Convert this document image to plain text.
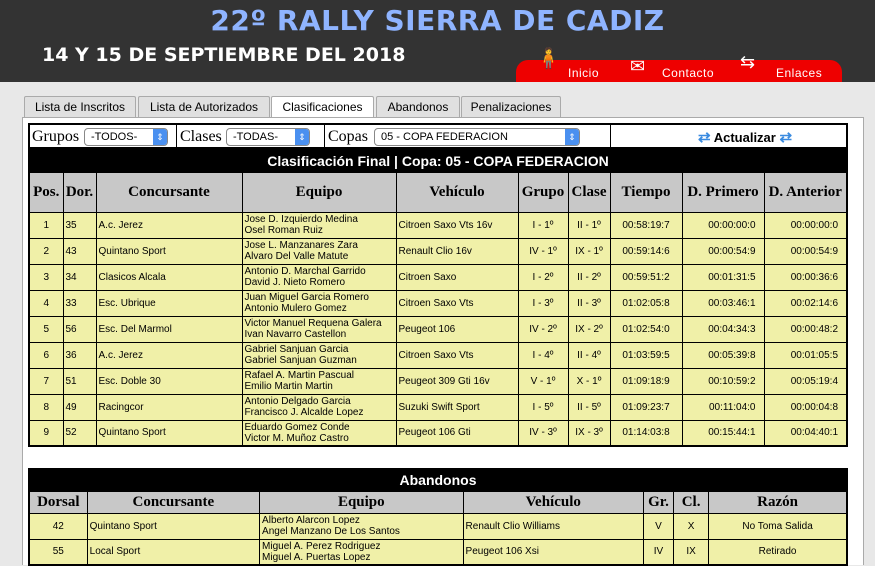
22º RALLY SIERRA DE CADIZ
14 Y 15 DE SEPTIEMBRE DEL 2018	🧍
Inicio ✉ Contacto
⇆
Enlaces
Lista de Inscritos	Lista de Autorizados	Clasificaciones	Abandonos	Penalizaciones
Grupos	-TODOS-	⇕ Clases	-TODAS-	⇕ Copas	05 - COPA FEDERACION	⇕	⇄ Actualizar ⇄
Clasificación Final | Copa: 05 - COPA FEDERACION									
Pos.	Dor.	Concursante	Equipo	Vehículo	Grupo	Clase	Tiempo	D. Primero	D. Anterior
1	35	A.c. Jerez	Jose D. Izquierdo Medina
Osel Roman Ruiz	Citroen Saxo Vts 16v	I - 1º	II - 1º	00:58:19:7	00:00:00:0	00:00:00:0
2	43	Quintano Sport	Jose L. Manzanares Zara
Alvaro Del Valle Matute	Renault Clio 16v	IV - 1º	IX - 1º	00:59:14:6	00:00:54:9	00:00:54:9
3	34	Clasicos Alcala	Antonio D. Marchal Garrido
David J. Nieto Romero	Citroen Saxo	I - 2º	II - 2º	00:59:51:2	00:01:31:5	00:00:36:6
4	33	Esc. Ubrique	Juan Miguel Garcia Romero
Antonio Mulero Gomez	Citroen Saxo Vts	I - 3º	II - 3º	01:02:05:8	00:03:46:1	00:02:14:6
5	56	Esc. Del Marmol	Victor Manuel Requena Galera
Ivan Navarro Castellon	Peugeot 106	IV - 2º	IX - 2º	01:02:54:0	00:04:34:3	00:00:48:2
6	36	A.c. Jerez	Gabriel Sanjuan Garcia
Gabriel Sanjuan Guzman	Citroen Saxo Vts	I - 4º	II - 4º	01:03:59:5	00:05:39:8	00:01:05:5
7	51	Esc. Doble 30	Rafael A. Martin Pascual
Emilio Martin Martin	Peugeot 309 Gti 16v	V - 1º	X - 1º	01:09:18:9	00:10:59:2	00:05:19:4
8	49	Racingcor	Antonio Delgado Garcia
Francisco J. Alcalde Lopez	Suzuki Swift Sport	I - 5º	II - 5º	01:09:23:7	00:11:04:0	00:00:04:8
9	52	Quintano Sport	Eduardo Gomez Conde
Victor M. Muñoz Castro	Peugeot 106 Gti	IV - 3º	IX - 3º	01:14:03:8	00:15:44:1	00:04:40:1
Abandonos						
Dorsal	Concursante	Equipo	Vehículo	Gr.	Cl.	Razón
42	Quintano Sport	Alberto Alarcon Lopez
Angel Manzano De Los Santos	Renault Clio Williams	V	X	No Toma Salida
55	Local Sport	Miguel A. Perez Rodriguez
Miguel A. Puertas Lopez	Peugeot 106 Xsi	IV	IX	Retirado
